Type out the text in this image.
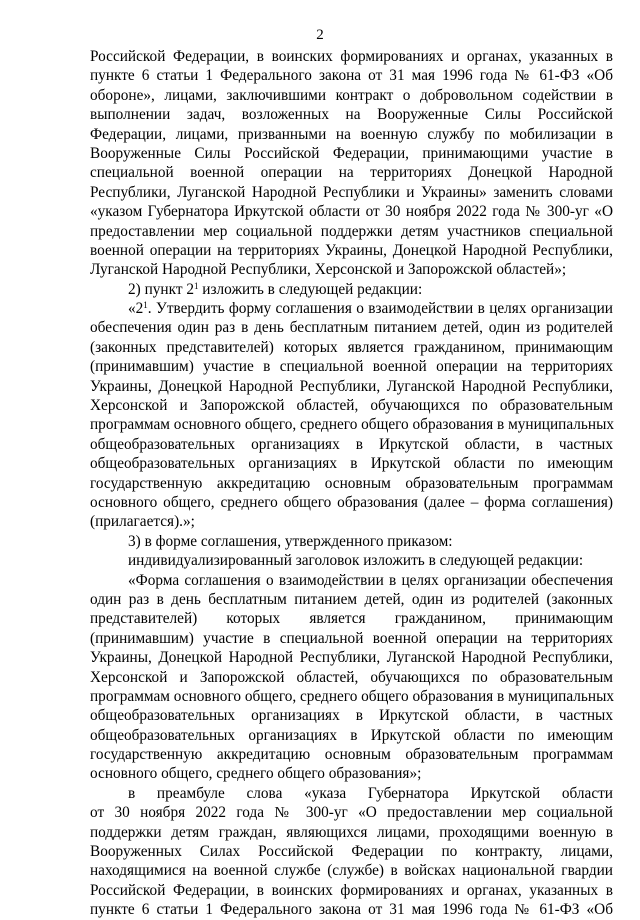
2
Российской Федерации, в воинских формированиях и органах, указанных в
пункте 6 статьи 1 Федерального закона от 31 мая 1996 года № 61-ФЗ «Об
обороне», лицами, заключившими контракт о добровольном содействии в
выполнении задач, возложенных на Вооруженные Силы Российской
Федерации, лицами, призванными на военную службу по мобилизации в
Вооруженные Силы Российской Федерации, принимающими участие в
специальной военной операции на территориях Донецкой Народной
Республики, Луганской Народной Республики и Украины» заменить словами
«указом Губернатора Иркутской области от 30 ноября 2022 года № 300-уг «О
предоставлении мер социальной поддержки детям участников специальной
военной операции на территориях Украины, Донецкой Народной Республики,
Луганской Народной Республики, Херсонской и Запорожской областей»;
2) пункт $2^1$ изложить в следующей редакции:
«$2^1$. Утвердить форму соглашения о взаимодействии в целях организации
обеспечения один раз в день бесплатным питанием детей, один из родителей
(законных представителей) которых является гражданином, принимающим
(принимавшим) участие в специальной военной операции на территориях
Украины, Донецкой Народной Республики, Луганской Народной Республики,
Херсонской и Запорожской областей, обучающихся по образовательным
программам основного общего, среднего общего образования в муниципальных
общеобразовательных организациях в Иркутской области, в частных
общеобразовательных организациях в Иркутской области по имеющим
государственную аккредитацию основным образовательным программам
основного общего, среднего общего образования (далее – форма соглашения)
(прилагается).»;
3) в форме соглашения, утвержденного приказом:
индивидуализированный заголовок изложить в следующей редакции:
«Форма соглашения о взаимодействии в целях организации обеспечения
один раз в день бесплатным питанием детей, один из родителей (законных
представителей) которых является гражданином, принимающим
(принимавшим) участие в специальной военной операции на территориях
Украины, Донецкой Народной Республики, Луганской Народной Республики,
Херсонской и Запорожской областей, обучающихся по образовательным
программам основного общего, среднего общего образования в муниципальных
общеобразовательных организациях в Иркутской области, в частных
общеобразовательных организациях в Иркутской области по имеющим
государственную аккредитацию основным образовательным программам
основного общего, среднего общего образования»;
в преамбуле слова «указа Губернатора Иркутской области
от 30 ноября 2022 года № 300-уг «О предоставлении мер социальной
поддержки детям граждан, являющихся лицами, проходящими военную в
Вооруженных Силах Российской Федерации по контракту, лицами,
находящимися на военной службе (службе) в войсках национальной гвардии
Российской Федерации, в воинских формированиях и органах, указанных в
пункте 6 статьи 1 Федерального закона от 31 мая 1996 года № 61-ФЗ «Об
